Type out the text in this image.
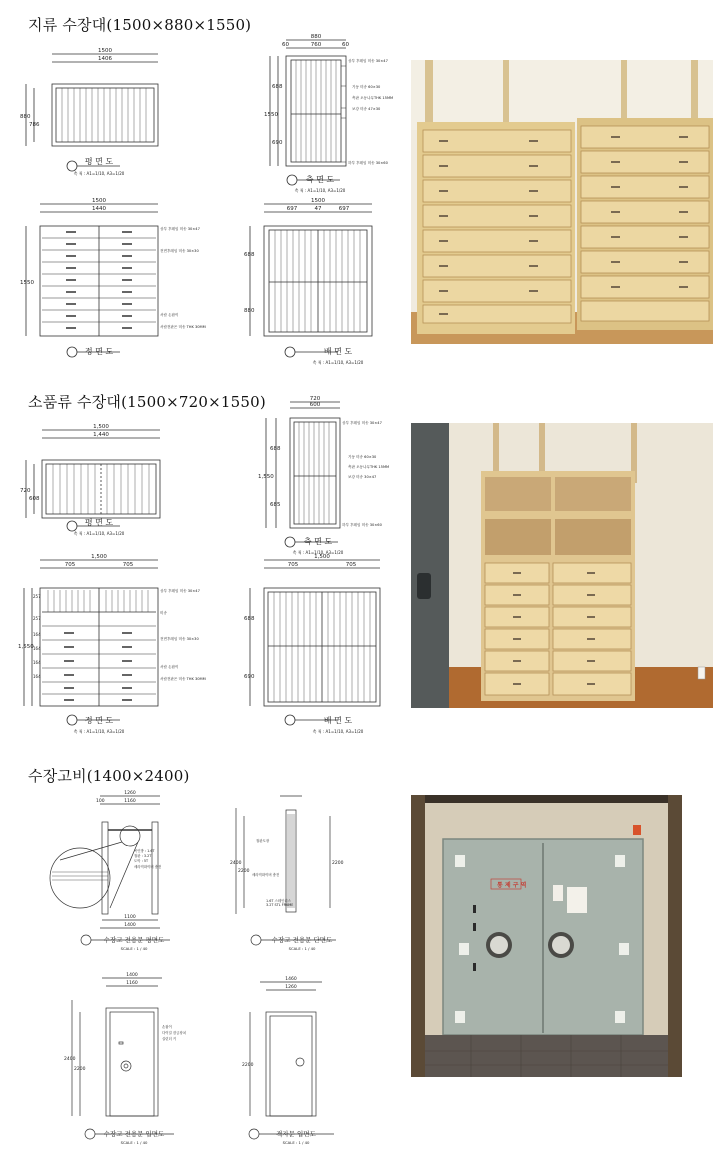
지류 수장대(1500×880×1550)
1500
1406
880
786
평 면 도
축 척 : A1=1/10, A3=1/20
880
760
60	60
1550
688
690
상부 후레임 미송 30×47
기둥 미송 60×30
측판 오동나무THK 15MM
보강 미송 47×30
하부 후레임 미송 30×60
측 면 도
축 척 : A1=1/10, A3=1/20
1500
1440
1550
상부 후레임 미송 30×47
전면후레임 미송 30×30
서랍 손잡이
서랍전판은 미송 THK 30MM
정 면 도
1500
697	47	697
688
880
배 면 도
축 척 : A1=1/10, A3=1/20
소품류 수장대(1500×720×1550)
1,500
1,440
720
608
평 면 도
축 척 : A1=1/10, A3=1/20
720
600
1,550
688
685
상부 후레임 미송 30×47
기둥 미송 60×30
측판 오동나무THK 15MM
보강 미송 30×47
하부 후레임 미송 30×60
측 면 도
축 척 : A1=1/10, A3=1/20
1,500
705	705
1,550
257
257
164
164
164
164
상부 후레임 미송 30×47
미송
전면후레임 미송 30×30
서랍 손잡이
서랍전판은 미송 THK 30MM
정 면 도
축 척 : A1=1/10, A3=1/20
1,500
705	705
688
690
배 면 도
축 척 : A1=1/10, A3=1/20
수장고비(1400×2400)
1260
1160
100
1100
1400
목인방 : 1.6T
철판 : 3.2T
도막 : 5T
세라믹화이버 충전
수장고 전용문 평면도
SCALE : 1 / 40
2400
2200
2200
철판도장
세라믹화이버 충전
1.6T 스테인리스
3.2T STL FRAME
수장고 전용문 단면도
SCALE : 1 / 40
1400
1160
2400
2200
손잡이
다이얼 잠금장치
실린더 키
수장고 전용문 입면도
SCALE : 1 / 40
1460
1260
2200
격자문 입면도
SCALE : 1 / 40
통 제 구 역
